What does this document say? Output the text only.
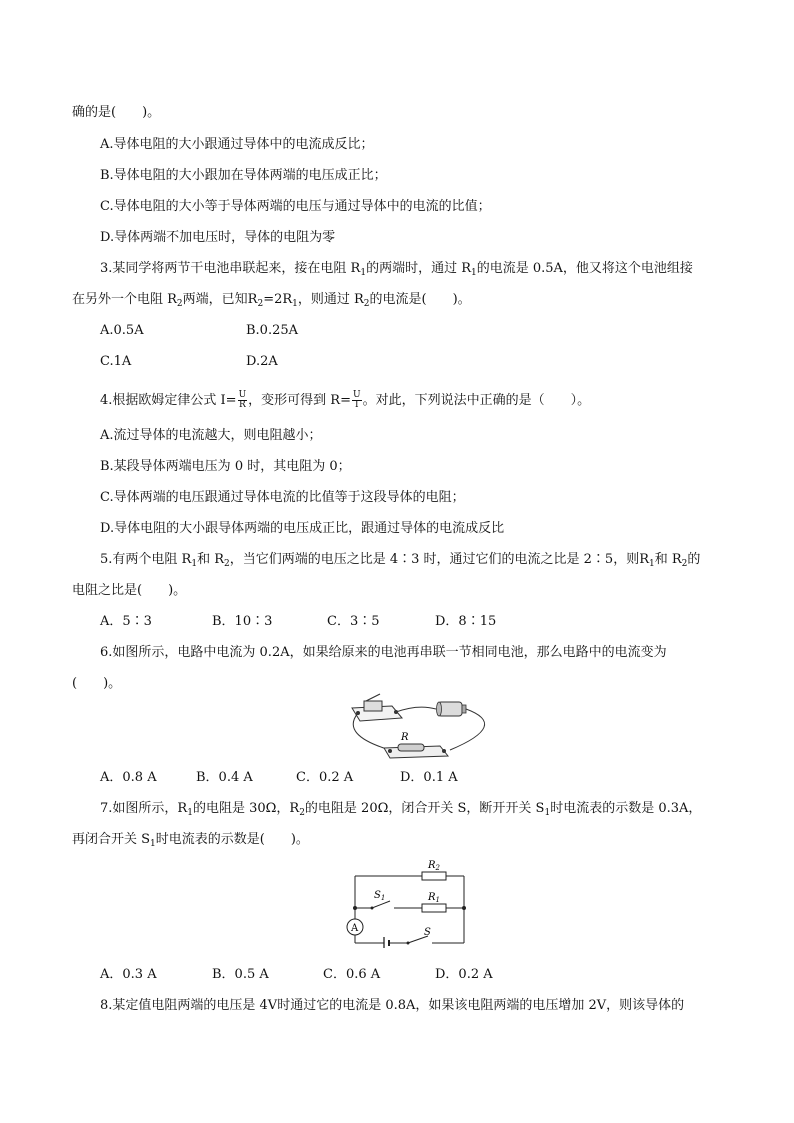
确的是(　　)。
A.导体电阻的大小跟通过导体中的电流成反比；
B.导体电阻的大小跟加在导体两端的电压成正比；
C.导体电阻的大小等于导体两端的电压与通过导体中的电流的比值；
D.导体两端不加电压时，导体的电阻为零
3.某同学将两节干电池串联起来，接在电阻 $R_1$的两端时，通过 $R_1$的电流是 0.5A，他又将这个电池组接
在另外一个电阻 $R_2$两端，已知$R_2=2R_1$，则通过 $R_2$的电流是(　　)。
A.0.5A	B.0.25A
C.1A	D.2A
4.根据欧姆定律公式 $I= \frac{U}{R}$ ，变形可得到 $R= \frac{U}{I}$ 。对此，下列说法中正确的是（　　）。
A.流过导体的电流越大，则电阻越小；
B.某段导体两端电压为 0 时，其电阻为 0；
C.导体两端的电压跟通过导体电流的比值等于这段导体的电阻；
D.导体电阻的大小跟导体两端的电压成正比，跟通过导体的电流成反比
5.有两个电阻 $R_1$和 $R_2$，当它们两端的电压之比是 4∶3 时，通过它们的电流之比是 2∶5，则$R_1$和 $R_2$的
电阻之比是(　　)。
A．5∶3	B．10∶3	C．3∶5	D．8∶15
6.如图所示，电路中电流为 0.2A，如果给原来的电池再串联一节相同电池，那么电路中的电流变为
(　　)。
R
A．0.8 A	B．0.4 A	C．0.2 A	D．0.1 A
7.如图所示，$R_1$的电阻是 30Ω，$R_2$的电阻是 20Ω，闭合开关 S，断开开关 $S_1$时电流表的示数是 0.3A，
再闭合开关 $S_1$时电流表的示数是(　　)。
A
$R_2$
$R_1$
$S_1$
S
A．0.3 A	B．0.5 A	C．0.6 A	D．0.2 A
8.某定值电阻两端的电压是 4V时通过它的电流是 0.8A，如果该电阻两端的电压增加 2V，则该导体的
